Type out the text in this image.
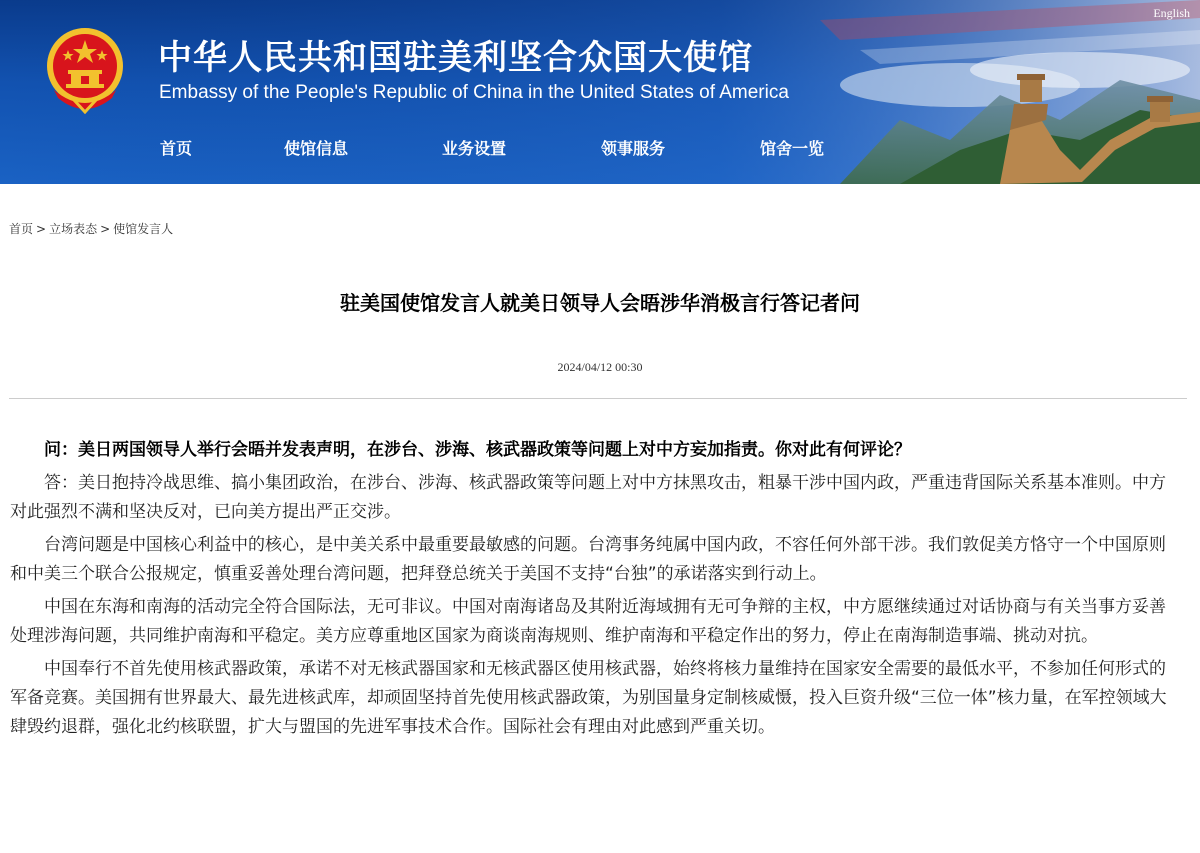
中华人民共和国驻美利坚合众国大使馆
Embassy of the People's Republic of China in the United States of America
English
首页	使馆信息	业务设置	领事服务	馆舍一览
首页 > 立场表态 > 使馆发言人
驻美国使馆发言人就美日领导人会晤涉华消极言行答记者问
2024/04/12 00:30

问：美日两国领导人举行会晤并发表声明，在涉台、涉海、核武器政策等问题上对中方妄加指责。你对此有何评论？

答：美日抱持冷战思维、搞小集团政治，在涉台、涉海、核武器政策等问题上对中方抹黑攻击，粗暴干涉中国内政，严重违背国际关系基本准则。中方对此强烈不满和坚决反对，已向美方提出严正交涉。

台湾问题是中国核心利益中的核心，是中美关系中最重要最敏感的问题。台湾事务纯属中国内政，不容任何外部干涉。我们敦促美方恪守一个中国原则和中美三个联合公报规定，慎重妥善处理台湾问题，把拜登总统关于美国不支持“台独”的承诺落实到行动上。

中国在东海和南海的活动完全符合国际法，无可非议。中国对南海诸岛及其附近海域拥有无可争辩的主权，中方愿继续通过对话协商与有关当事方妥善处理涉海问题，共同维护南海和平稳定。美方应尊重地区国家为商谈南海规则、维护南海和平稳定作出的努力，停止在南海制造事端、挑动对抗。

中国奉行不首先使用核武器政策，承诺不对无核武器国家和无核武器区使用核武器，始终将核力量维持在国家安全需要的最低水平，不参加任何形式的军备竞赛。美国拥有世界最大、最先进核武库，却顽固坚持首先使用核武器政策，为别国量身定制核威慑，投入巨资升级“三位一体”核力量，在军控领域大肆毁约退群，强化北约核联盟，扩大与盟国的先进军事技术合作。国际社会有理由对此感到严重关切。
